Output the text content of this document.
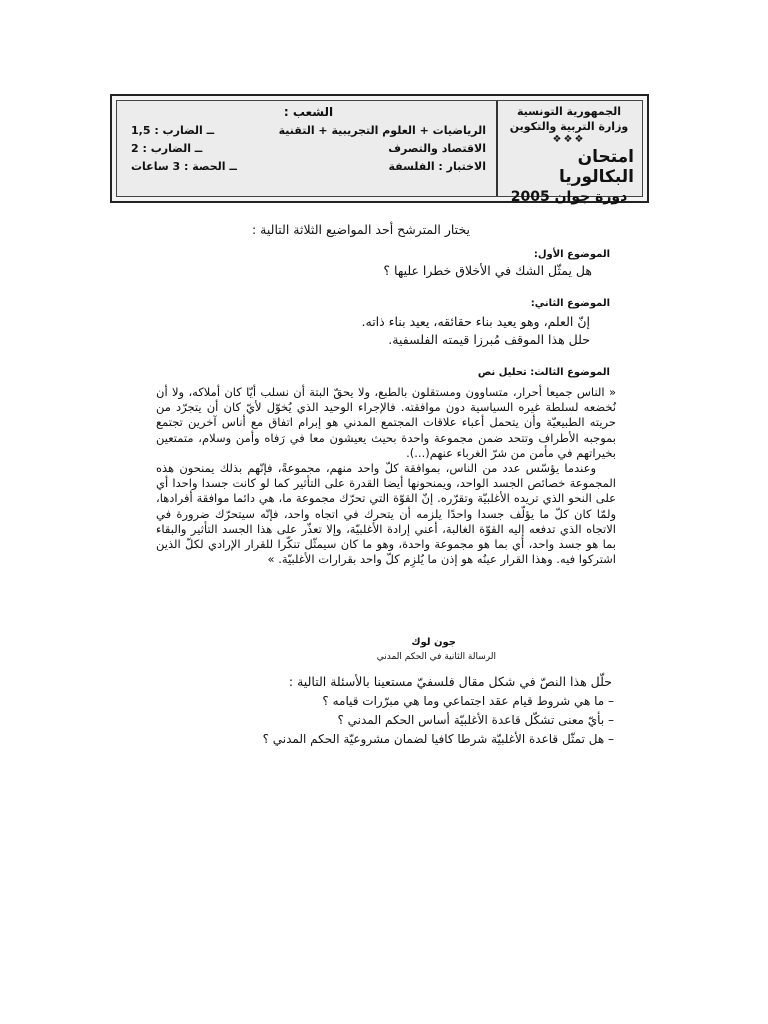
الجمهورية التونسية
وزارة التربية والتكوين
❖❖❖
امتحان البكالوريا
دورة جوان 2005
الشعب :
الرياضيات + العلوم التجريبية + التقنية
ــ الضارب : 1,5
الاقتصاد والتصرف
ــ الضارب : 2
الاختبار : الفلسفة
ــ الحصة : 3 ساعات
يختار المترشح أحد المواضيع الثلاثة التالية :
الموضوع الأول:
هل يمثّل الشك في الأخلاق خطرا عليها ؟
الموضوع الثاني:
إنّ العلم، وهو يعيد بناء حقائقه، يعيد بناء ذاته.
حلل هذا الموقف مُبرزا قيمته الفلسفية.
الموضوع الثالث: تحليل نص

« الناس جميعا أحرار، متساوون ومستقلون بالطبع، ولا يحقّ البتة أن نسلب أيّا كان أملاكه، ولا أن نُخضعه لسلطة غيره السياسية دون موافقته. فالإجراء الوحيد الذي يُخوّل لأيّ كان أن يتجرّد من حريته الطبيعيّة وأن يتحمل أعباء علاقات المجتمع المدني هو إبرام اتفاق مع أناس آخرين تجتمع بموجبه الأطراف وتتحد ضمن مجموعة واحدة بحيث يعيشون معا في رَفاه وأمن وسلام، متمتعين بخيراتهم في مأمن من شرّ الغرباء عنهم(...).

وعندما يؤسّس عدد من الناس، بموافقة كلّ واحد منهم، مجموعةً، فإنّهم بذلك يمنحون هذه المجموعة خصائص الجسد الواحد، ويمنحونها أيضا القدرة على التأثير كما لو كانت جسدا واحدا أي على النحو الذي تريده الأغلبيّة وتقرّره. إنّ القوّة التي تحرّك مجموعة ما، هي دائما موافقة أفرادها، ولمّا كان كلّ ما يؤلّف جسدا واحدًا يلزمه أن يتحرك في اتجاه واحد، فإنّه سيتحرّك ضرورة في الاتجاه الذي تدفعه إليه القوّة الغالبة، أعني إرادة الأغلبيّة، وإلا تعذّر على هذا الجسد التأثير والبقاء بما هو جسد واحد، أي بما هو مجموعة واحدة، وهو ما كان سيمثّل تنكّرا للقرار الإرادي لكلّ الذين اشتركوا فيه. وهذا القرار عينُه هو إذن ما يُلزِم كلّ واحد بقرارات الأغلبيّة. »

جون لوك
الرسالة الثانية في الحكم المدني
حلّل هذا النصّ في شكل مقال فلسفيّ مستعينا بالأسئلة التالية :
– ما هي شروط قيام عقد اجتماعي وما هي مبرّرات قيامه ؟
– بأيّ معنى تشكّل قاعدة الأغلبيّة أساس الحكم المدني ؟
– هل تمثّل قاعدة الأغلبيّة شرطا كافيا لضمان مشروعيّة الحكم المدني ؟
